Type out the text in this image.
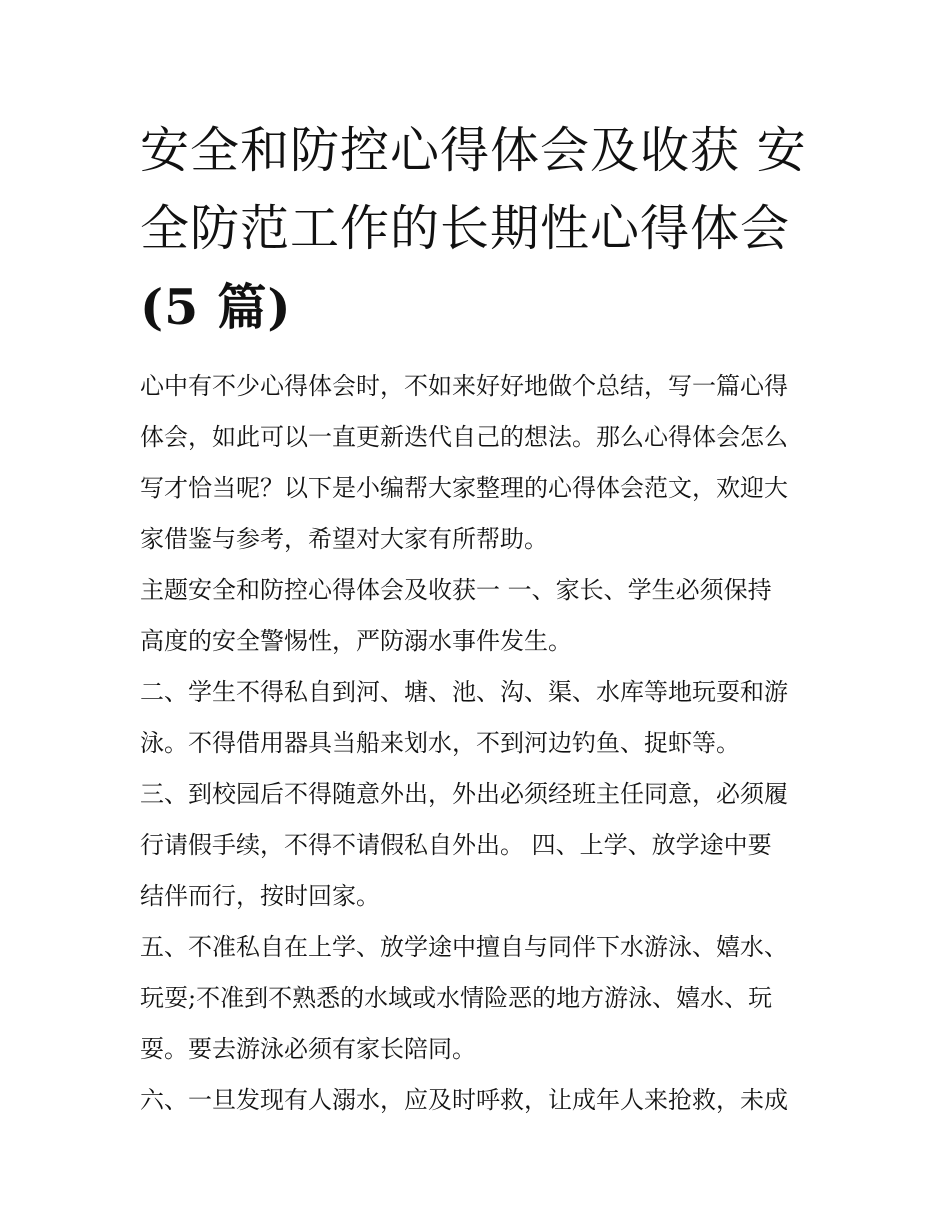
安全和防控心得体会及收获 安
全防范工作的长期性心得体会
(5 篇)

心中有不少心得体会时，不如来好好地做个总结，写一篇心得
体会，如此可以一直更新迭代自己的想法。那么心得体会怎么
写才恰当呢？以下是小编帮大家整理的心得体会范文，欢迎大
家借鉴与参考，希望对大家有所帮助。

主题安全和防控心得体会及收获一 一、家长、学生必须保持
高度的安全警惕性，严防溺水事件发生。

二、学生不得私自到河、塘、池、沟、渠、水库等地玩耍和游
泳。不得借用器具当船来划水，不到河边钓鱼、捉虾等。

三、到校园后不得随意外出，外出必须经班主任同意，必须履
行请假手续，不得不请假私自外出。 四、上学、放学途中要
结伴而行，按时回家。

五、不准私自在上学、放学途中擅自与同伴下水游泳、嬉水、
玩耍;不准到不熟悉的水域或水情险恶的地方游泳、嬉水、玩
耍。要去游泳必须有家长陪同。

六、一旦发现有人溺水，应及时呼救，让成年人来抢救，未成
